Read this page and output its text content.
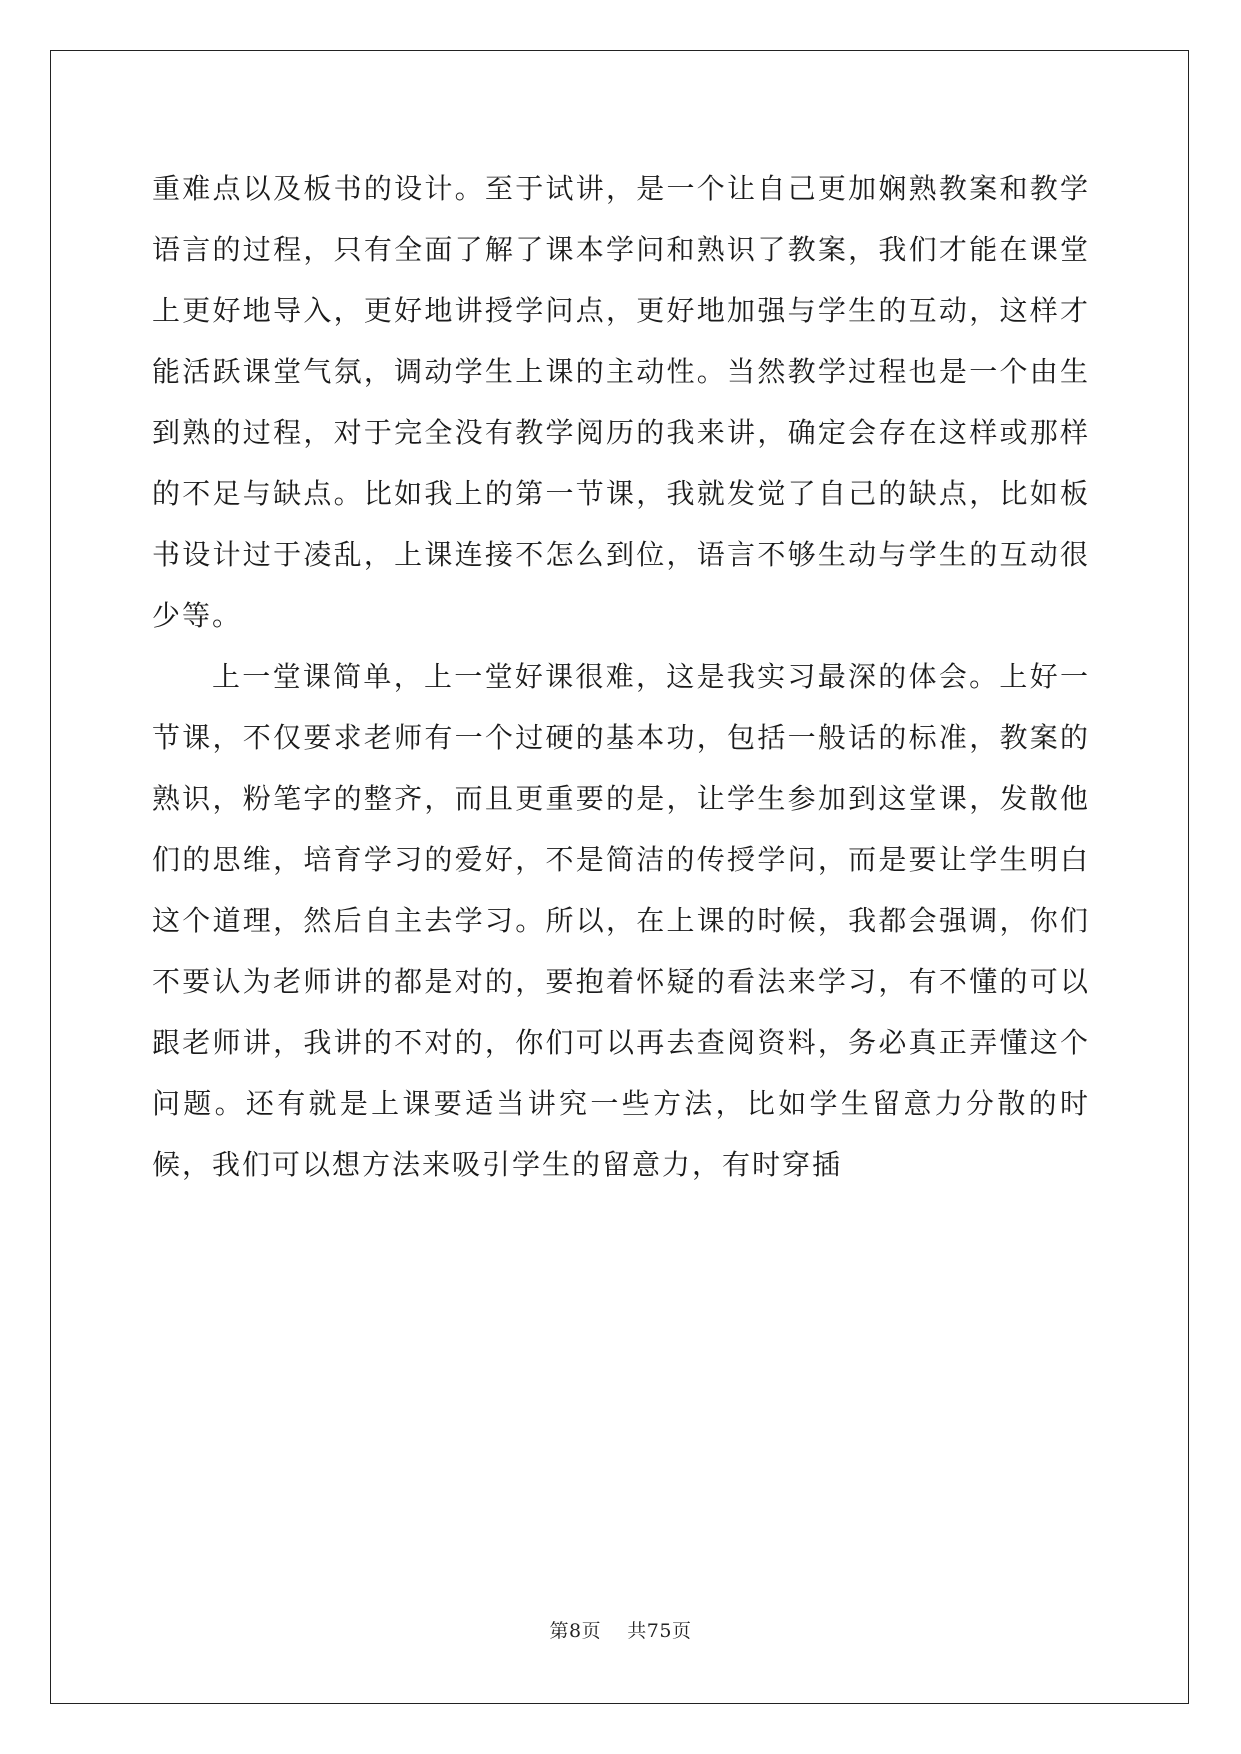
重难点以及板书的设计。至于试讲，是一个让自己更加娴熟教案和教学语言的过程，只有全面了解了课本学问和熟识了教案，我们才能在课堂上更好地导入，更好地讲授学问点，更好地加强与学生的互动，这样才能活跃课堂气氛，调动学生上课的主动性。当然教学过程也是一个由生到熟的过程，对于完全没有教学阅历的我来讲，确定会存在这样或那样的不足与缺点。比如我上的第一节课，我就发觉了自己的缺点，比如板书设计过于凌乱，上课连接不怎么到位，语言不够生动与学生的互动很少等。

上一堂课简单，上一堂好课很难，这是我实习最深的体会。上好一节课，不仅要求老师有一个过硬的基本功，包括一般话的标准，教案的熟识，粉笔字的整齐，而且更重要的是，让学生参加到这堂课，发散他们的思维，培育学习的爱好，不是简洁的传授学问，而是要让学生明白这个道理，然后自主去学习。所以，在上课的时候，我都会强调，你们不要认为老师讲的都是对的，要抱着怀疑的看法来学习，有不懂的可以跟老师讲，我讲的不对的，你们可以再去查阅资料，务必真正弄懂这个问题。还有就是上课要适当讲究一些方法，比如学生留意力分散的时候，我们可以想方法来吸引学生的留意力，有时穿插

第8页 共75页
